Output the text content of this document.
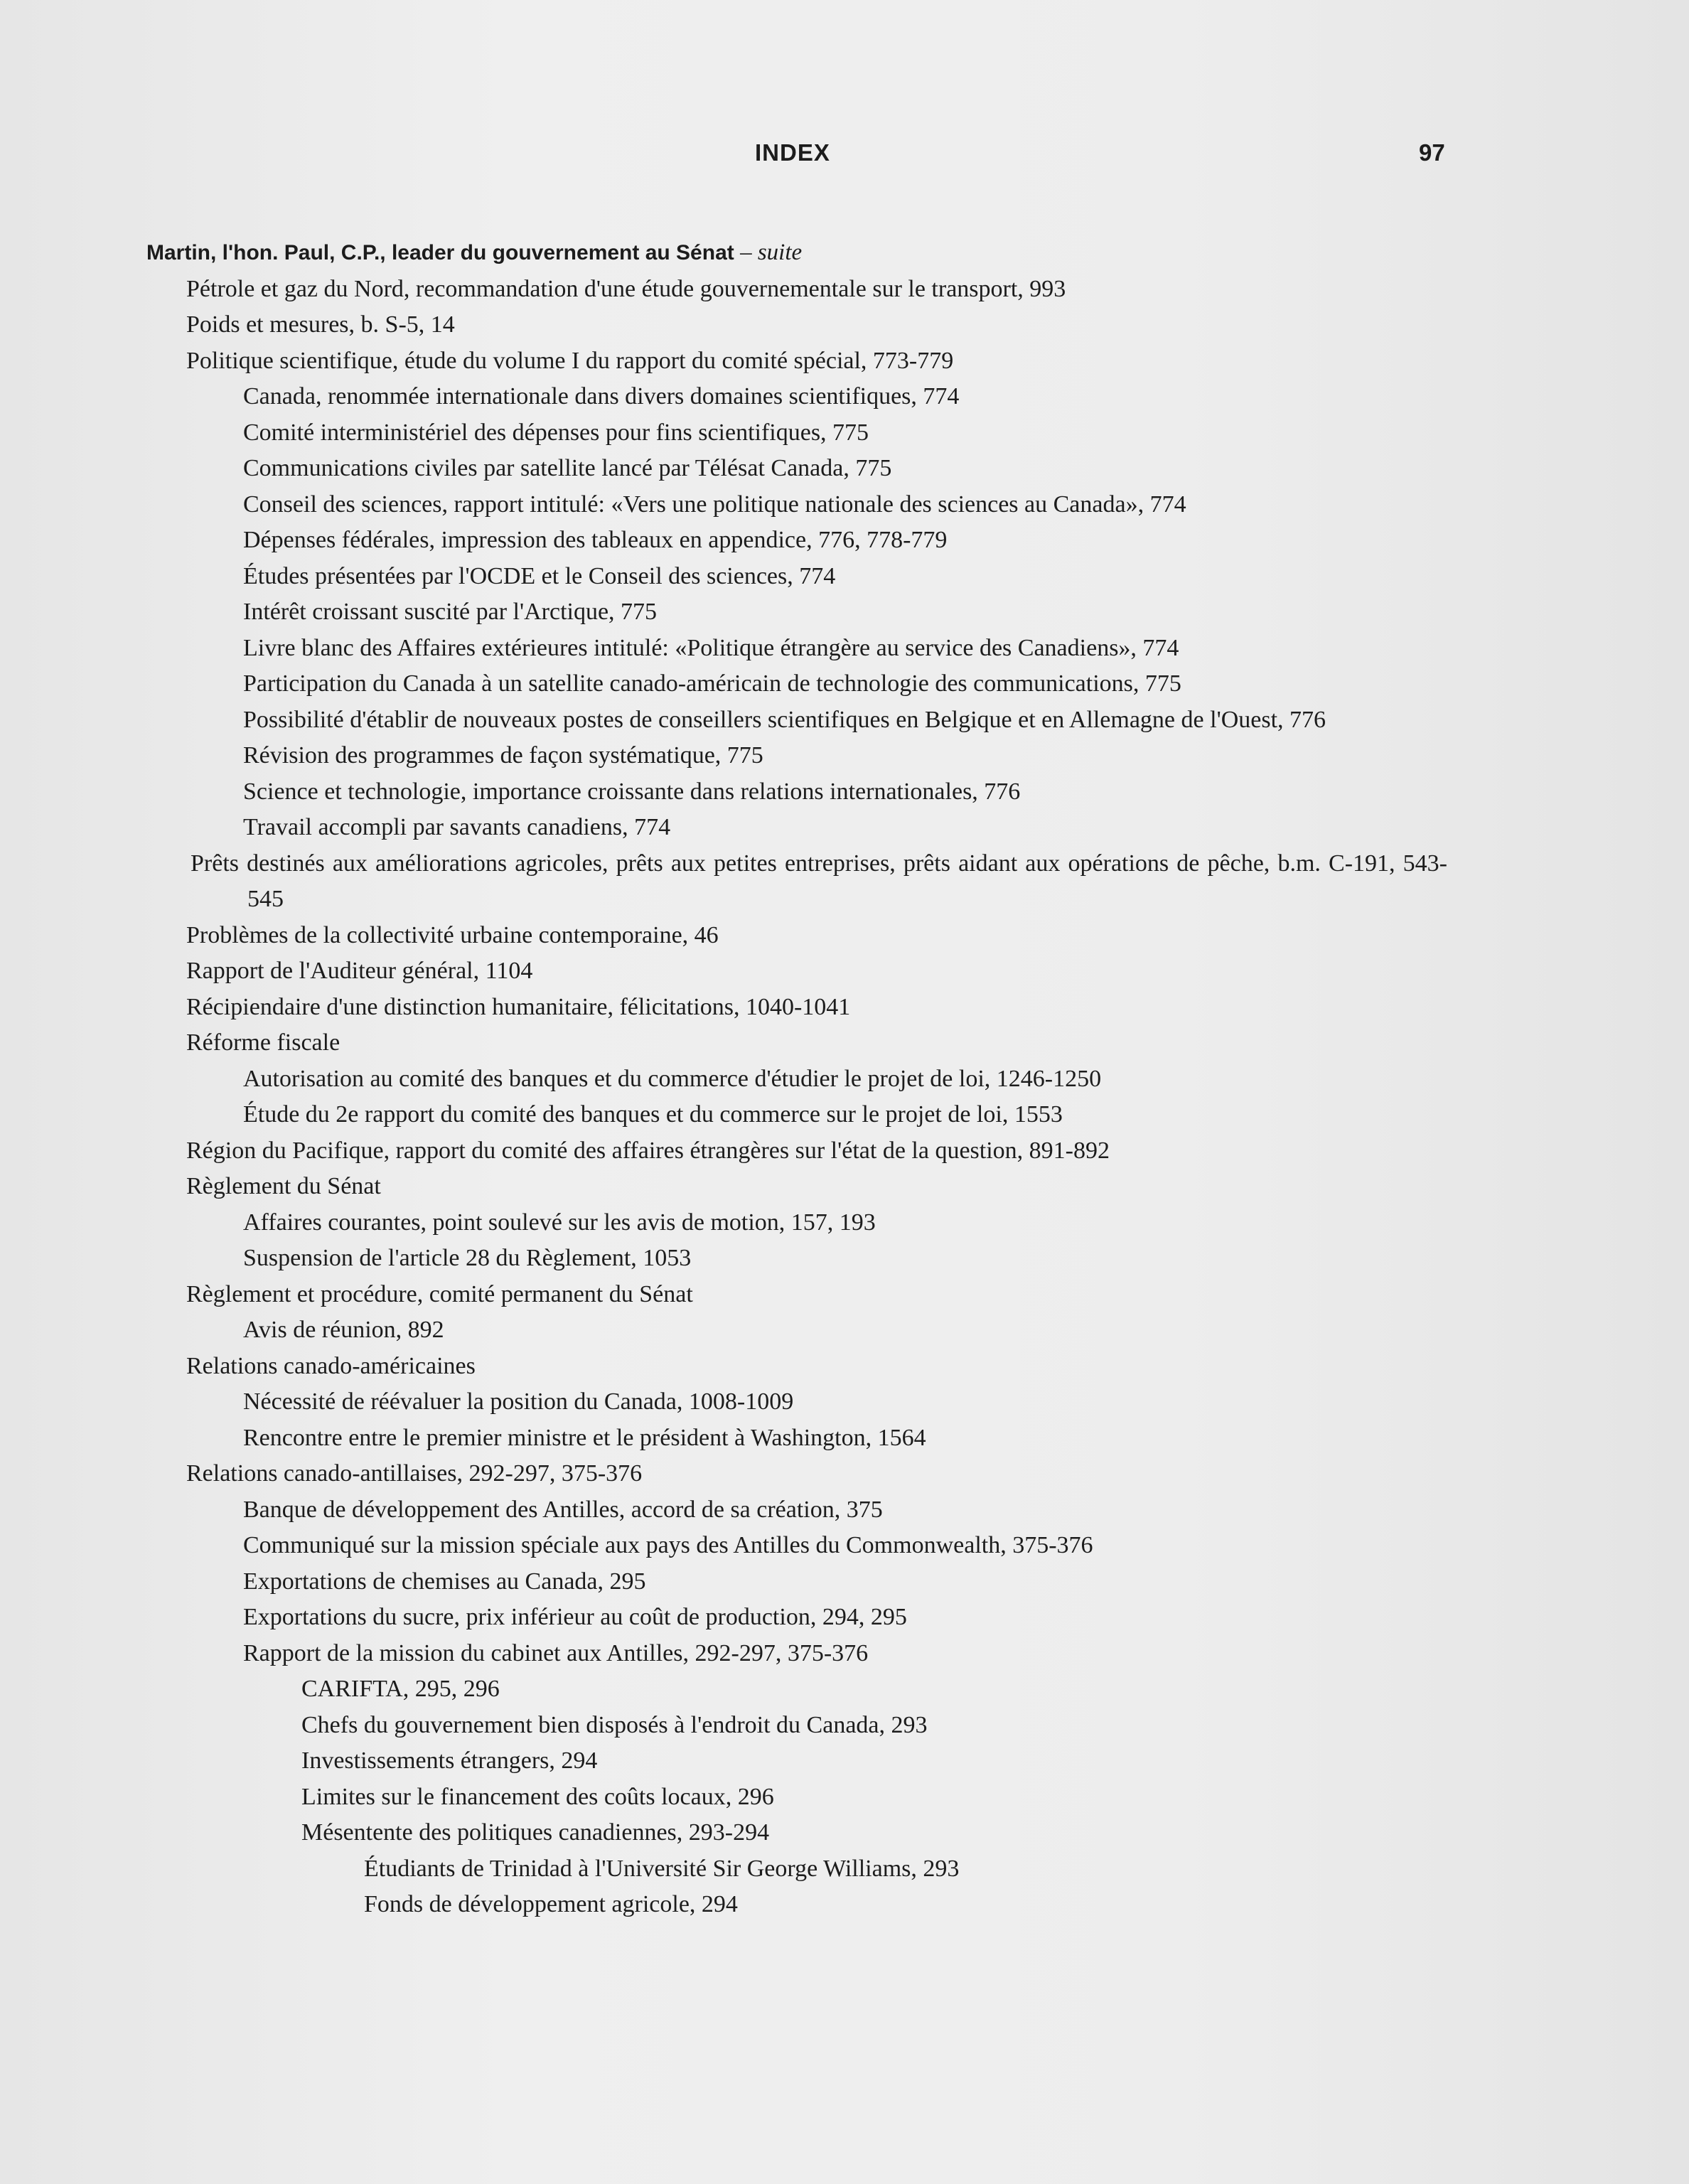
INDEX	97
Martin, l'hon. Paul, C.P., leader du gouvernement au Sénat – suite
Pétrole et gaz du Nord, recommandation d'une étude gouvernementale sur le transport, 993
Poids et mesures, b. S-5, 14
Politique scientifique, étude du volume I du rapport du comité spécial, 773-779
Canada, renommée internationale dans divers domaines scientifiques, 774
Comité interministériel des dépenses pour fins scientifiques, 775
Communications civiles par satellite lancé par Télésat Canada, 775
Conseil des sciences, rapport intitulé: «Vers une politique nationale des sciences au Canada», 774
Dépenses fédérales, impression des tableaux en appendice, 776, 778-779
Études présentées par l'OCDE et le Conseil des sciences, 774
Intérêt croissant suscité par l'Arctique, 775
Livre blanc des Affaires extérieures intitulé: «Politique étrangère au service des Canadiens», 774
Participation du Canada à un satellite canado-américain de technologie des communications, 775
Possibilité d'établir de nouveaux postes de conseillers scientifiques en Belgique et en Allemagne de l'Ouest, 776
Révision des programmes de façon systématique, 775
Science et technologie, importance croissante dans relations internationales, 776
Travail accompli par savants canadiens, 774
Prêts destinés aux améliorations agricoles, prêts aux petites entreprises, prêts aidant aux opérations de pêche, b.m. C-191, 543-545
Problèmes de la collectivité urbaine contemporaine, 46
Rapport de l'Auditeur général, 1104
Récipiendaire d'une distinction humanitaire, félicitations, 1040-1041
Réforme fiscale
Autorisation au comité des banques et du commerce d'étudier le projet de loi, 1246-1250
Étude du 2e rapport du comité des banques et du commerce sur le projet de loi, 1553
Région du Pacifique, rapport du comité des affaires étrangères sur l'état de la question, 891-892
Règlement du Sénat
Affaires courantes, point soulevé sur les avis de motion, 157, 193
Suspension de l'article 28 du Règlement, 1053
Règlement et procédure, comité permanent du Sénat
Avis de réunion, 892
Relations canado-américaines
Nécessité de réévaluer la position du Canada, 1008-1009
Rencontre entre le premier ministre et le président à Washington, 1564
Relations canado-antillaises, 292-297, 375-376
Banque de développement des Antilles, accord de sa création, 375
Communiqué sur la mission spéciale aux pays des Antilles du Commonwealth, 375-376
Exportations de chemises au Canada, 295
Exportations du sucre, prix inférieur au coût de production, 294, 295
Rapport de la mission du cabinet aux Antilles, 292-297, 375-376
CARIFTA, 295, 296
Chefs du gouvernement bien disposés à l'endroit du Canada, 293
Investissements étrangers, 294
Limites sur le financement des coûts locaux, 296
Mésentente des politiques canadiennes, 293-294
Étudiants de Trinidad à l'Université Sir George Williams, 293
Fonds de développement agricole, 294
